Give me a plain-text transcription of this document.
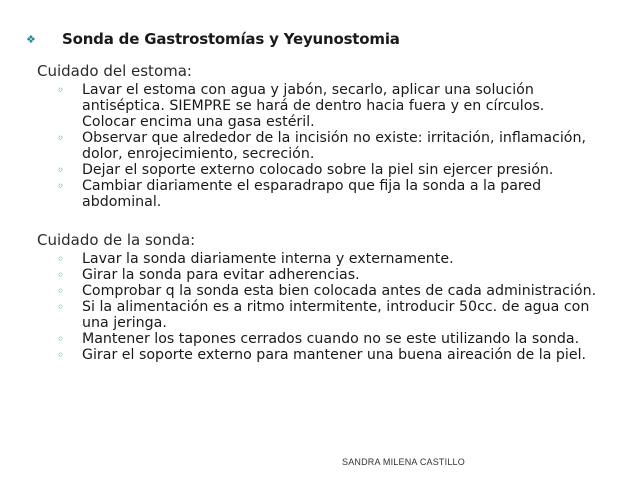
❖	Sonda de Gastrostomías y Yeyunostomia
Cuidado del estoma:
◦ Lavar el estoma con agua y jabón, secarlo, aplicar una solución antiséptica. SIEMPRE se hará de dentro hacia fuera y en círculos. Colocar encima una gasa estéril.
◦ Observar que alrededor de la incisión no existe: irritación, inflamación, dolor, enrojecimiento, secreción.
◦ Dejar el soporte externo colocado sobre la piel sin ejercer presión.
◦ Cambiar diariamente el esparadrapo que fija la sonda a la pared abdominal.
Cuidado de la sonda:
◦ Lavar la sonda diariamente interna y externamente.
◦ Girar la sonda para evitar adherencias.
◦ Comprobar q la sonda esta bien colocada antes de cada administración.
◦ Si la alimentación es a ritmo intermitente, introducir 50cc. de agua con una jeringa.
◦ Mantener los tapones cerrados cuando no se este utilizando la sonda.
◦ Girar el soporte externo para mantener una buena aireación de la piel.
SANDRA MILENA CASTILLO
